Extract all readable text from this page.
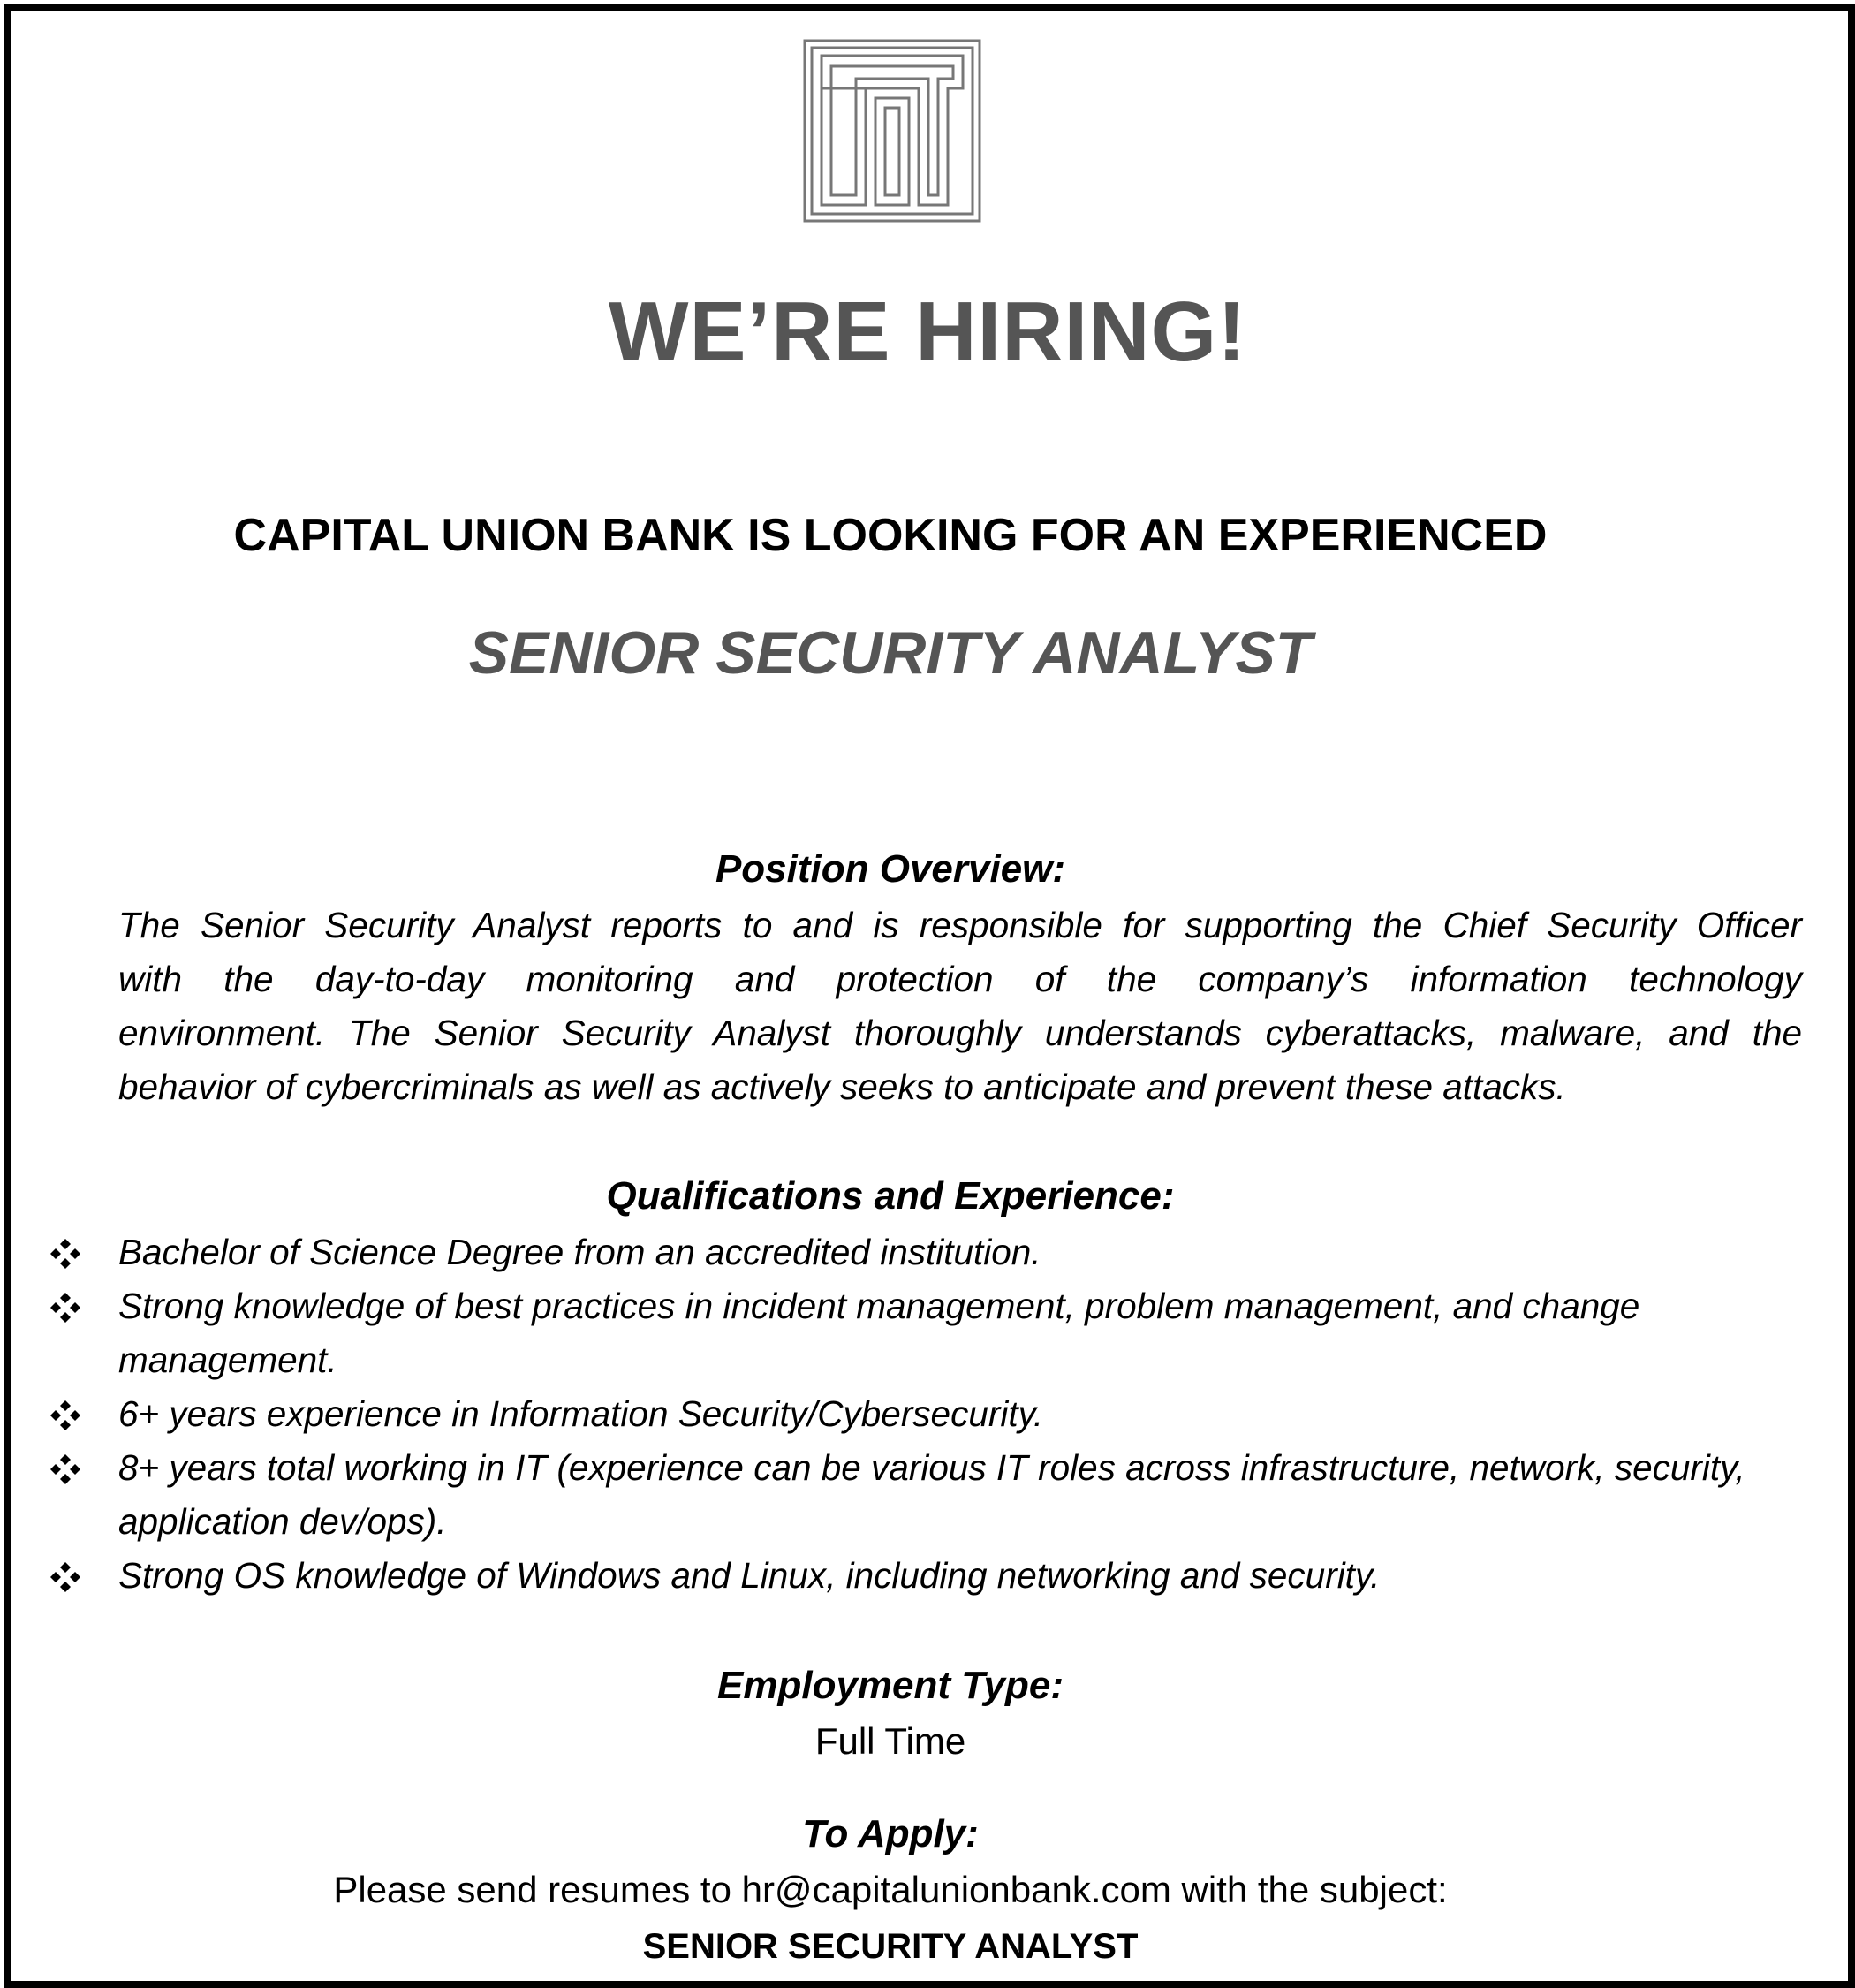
WE’RE HIRING!
CAPITAL UNION BANK IS LOOKING FOR AN EXPERIENCED
SENIOR SECURITY ANALYST
Position Overview:
The Senior Security Analyst reports to and is responsible for supporting the Chief Security Officer
with the day-to-day monitoring and protection of the company’s information technology
environment. The Senior Security Analyst thoroughly understands cyberattacks, malware, and the
behavior of cybercriminals as well as actively seeks to anticipate and prevent these attacks.
Qualifications and Experience:
Bachelor of Science Degree from an accredited institution.
Strong knowledge of best practices in incident management, problem management, and change management.
6+ years experience in Information Security/Cybersecurity.
8+ years total working in IT (experience can be various IT roles across infrastructure, network, security, application dev/ops).
Strong OS knowledge of Windows and Linux, including networking and security.
Employment Type:
Full Time
To Apply:
Please send resumes to hr@capitalunionbank.com with the subject:
SENIOR SECURITY ANALYST
